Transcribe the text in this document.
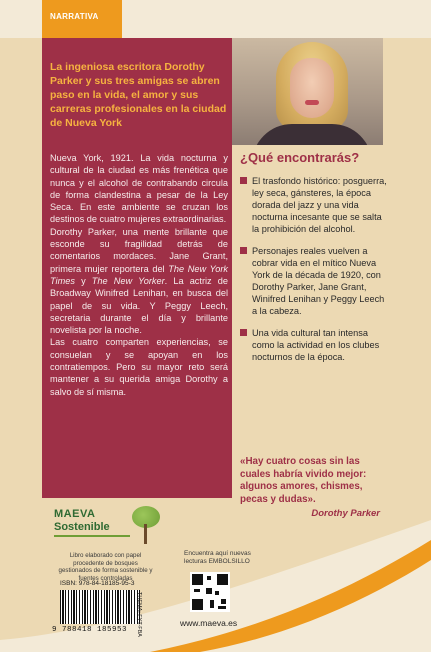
NARRATIVA
La ingeniosa escritora Dorothy Parker y sus tres amigas se abren paso en la vida, el amor y sus carreras profesionales en la ciudad de Nueva York

Nueva York, 1921. La vida nocturna y cultural de la ciudad es más frenética que nunca y el alcohol de contrabando circula de forma clandestina a pesar de la Ley Seca. En este ambiente se cruzan los destinos de cuatro mujeres extraordinarias.

Dorothy Parker, una mente brillante que esconde su fragilidad detrás de comentarios mordaces. Jane Grant, primera mujer reportera del The New York Times y The New Yorker. La actriz de Broadway Winifred Lenihan, en busca del papel de su vida. Y Peggy Leech, secretaria durante el día y brillante novelista por la noche.

Las cuatro comparten experiencias, se consuelan y se apoyan en los contratiempos. Pero su mayor reto será mantener a su querida amiga Dorothy a salvo de sí misma.

¿Qué encontrarás?
El trasfondo histórico: posguerra, ley seca, gánsteres, la época dorada del jazz y una vida nocturna incesante que se salta la prohibición del alcohol.
Personajes reales vuelven a cobrar vida en el mítico Nueva York de la década de 1920, con Dorothy Parker, Jane Grant, Winifred Lenihan y Peggy Leech a la cabeza.
Una vida cultural tan intensa como la actividad en los clubes nocturnos de la época.
«Hay cuatro cosas sin las cuales habría vivido mejor: algunos amores, chismes, pecas y dudas».
Dorothy Parker
MAEVA
Sostenible
Libro elaborado con papel procedente de bosques gestionados de forma sostenible y fuentes controladas
ISBN: 978-84-18185-95-3
9 788418 185953 THEMA: FYT-FBA
Encuentra aquí nuevas lecturas EMBOLSILLO
www.maeva.es
